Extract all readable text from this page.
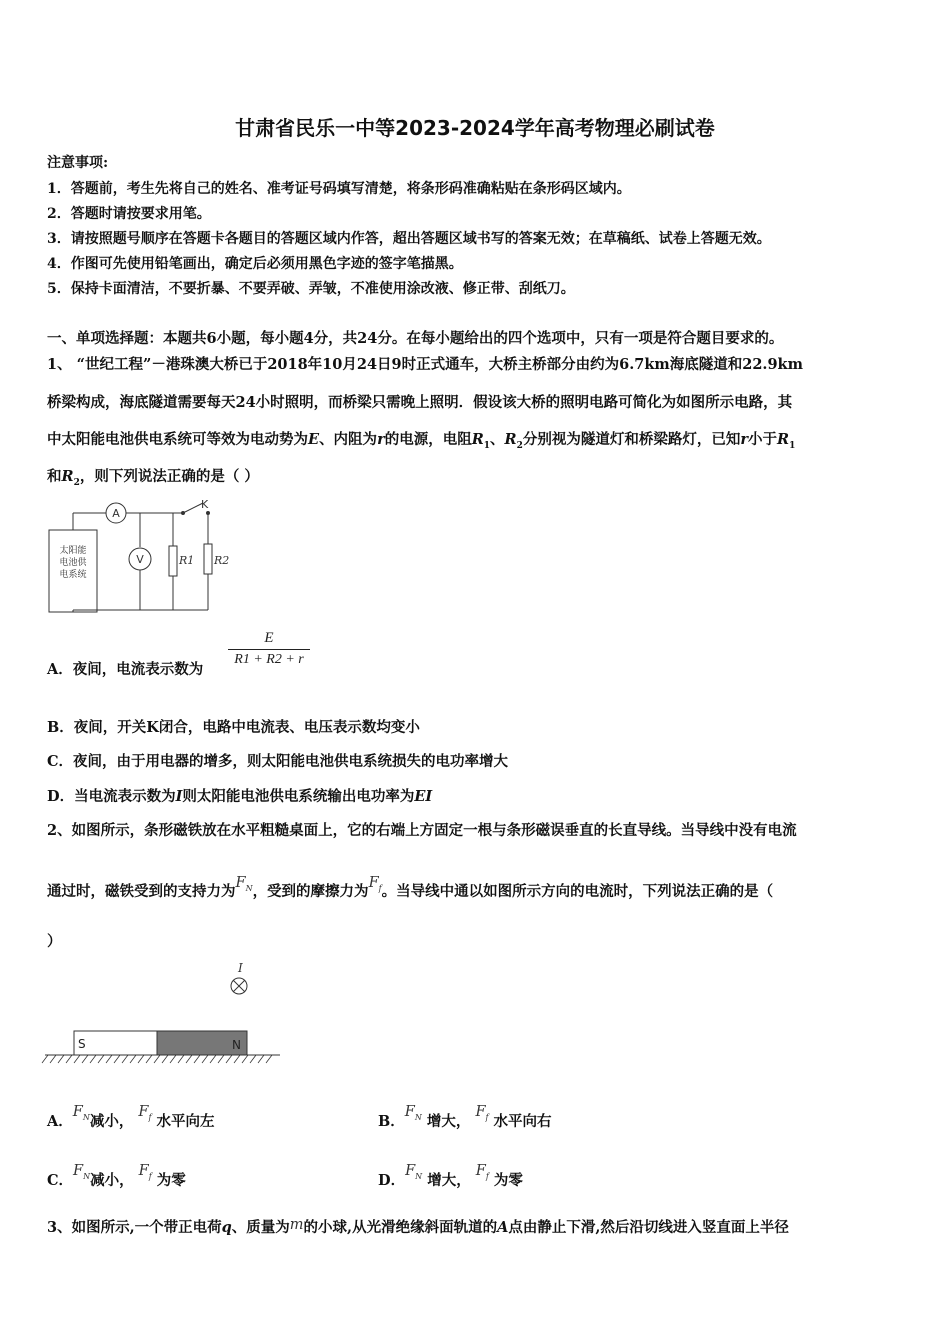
甘肃省民乐一中等2023-2024学年高考物理必刷试卷
注意事项:
1．答题前，考生先将自己的姓名、准考证号码填写清楚，将条形码准确粘贴在条形码区域内。
2．答题时请按要求用笔。
3．请按照题号顺序在答题卡各题目的答题区域内作答，超出答题区域书写的答案无效；在草稿纸、试卷上答题无效。
4．作图可先使用铅笔画出，确定后必须用黑色字迹的签字笔描黑。
5．保持卡面清洁，不要折暴、不要弄破、弄皱，不准使用涂改液、修正带、刮纸刀。
一、单项选择题：本题共6小题，每小题4分，共24分。在每小题给出的四个选项中，只有一项是符合题目要求的。
1、 “世纪工程”－港珠澳大桥已于2018年10月24日9时正式通车，大桥主桥部分由约为6.7km海底隧道和22.9km
桥梁构成，海底隧道需要每天24小时照明，而桥梁只需晚上照明．假设该大桥的照明电路可简化为如图所示电路，其
中太阳能电池供电系统可等效为电动势为E、内阻为r的电源，电阻$R_1$、$R_2$分别视为隧道灯和桥梁路灯，已知r小于$R_1$
和$R_2$，则下列说法正确的是（ ）
A
V
K
太阳能
电池供
电系统
R1 R2
A．夜间，电流表示数为
$\frac{E}{R1 + R2 + r}$
B．夜间，开关K闭合，电路中电流表、电压表示数均变小
C．夜间，由于用电器的增多，则太阳能电池供电系统损失的电功率增大
D．当电流表示数为I则太阳能电池供电系统输出电功率为EI
2、如图所示，条形磁铁放在水平粗糙桌面上，它的右端上方固定一根与条形磁误垂直的长直导线。当导线中没有电流
通过时，磁铁受到的支持力为$F_N$，受到的摩擦力为$F_f$。当导线中通以如图所示方向的电流时，下列说法正确的是（
）
I
S	N
A．$F_N$减小， $F_f$ 水平向左	B．$F_N$ 增大， $F_f$ 水平向右
C．$F_N$减小， $F_f$ 为零	D．$F_N$ 增大， $F_f$ 为零
3、如图所示,一个带正电荷q、质量为m的小球,从光滑绝缘斜面轨道的A点由静止下滑,然后沿切线进入竖直面上半径
